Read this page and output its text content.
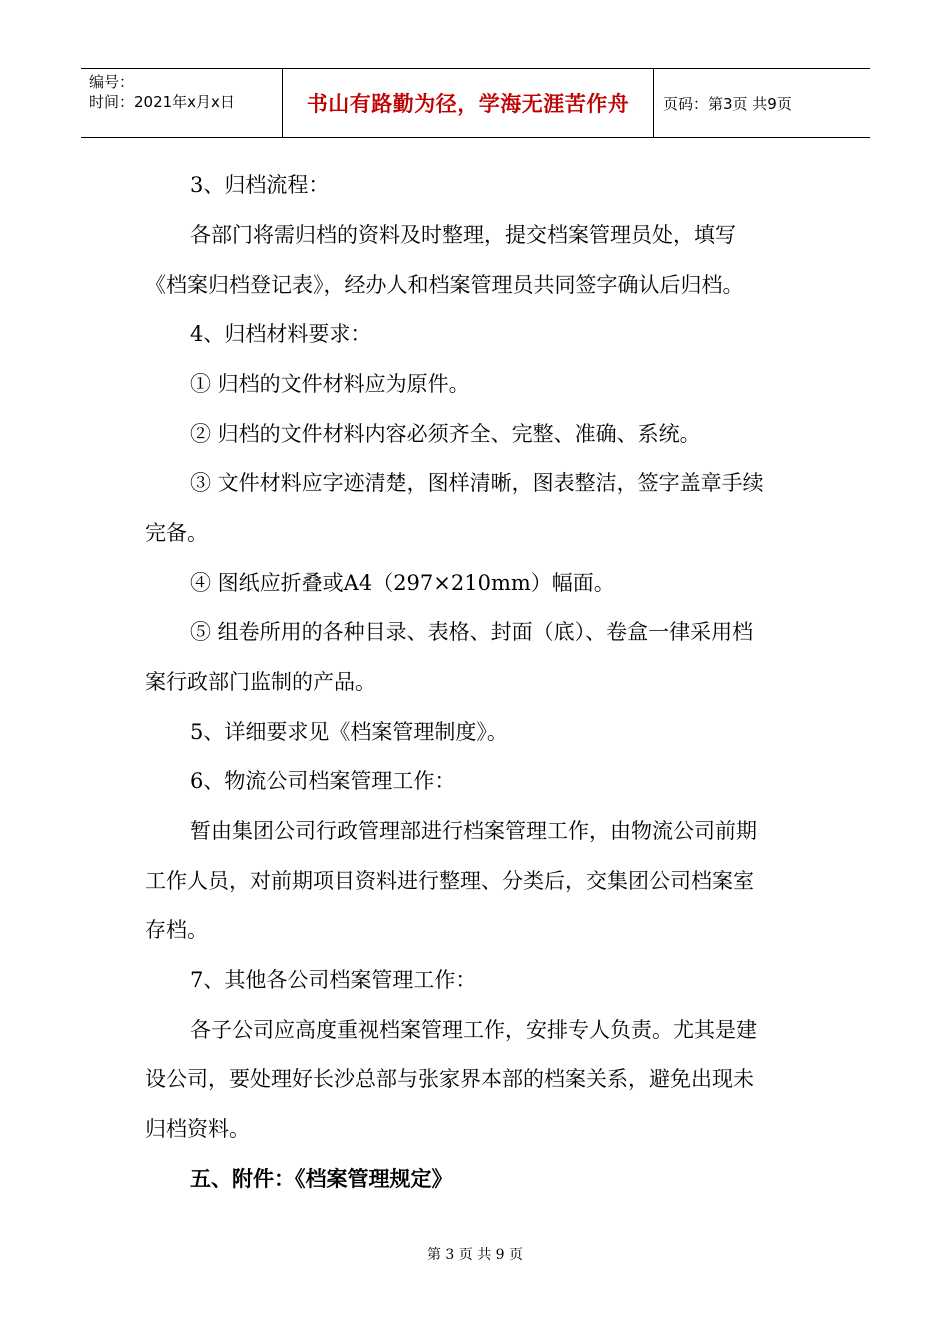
编号：
时间：2021年x月x日	书山有路勤为径，学海无涯苦作舟 页码：第3页 共9页
3、归档流程：
各部门将需归档的资料及时整理，提交档案管理员处，填写
《档案归档登记表》，经办人和档案管理员共同签字确认后归档。
4、归档材料要求：
① 归档的文件材料应为原件。
② 归档的文件材料内容必须齐全、完整、准确、系统。
③ 文件材料应字迹清楚，图样清晰，图表整洁，签字盖章手续
完备。
④ 图纸应折叠或A4（297×210mm）幅面。
⑤ 组卷所用的各种目录、表格、封面（底）、卷盒一律采用档
案行政部门监制的产品。
5、详细要求见《档案管理制度》。
6、物流公司档案管理工作：
暂由集团公司行政管理部进行档案管理工作，由物流公司前期
工作人员，对前期项目资料进行整理、分类后，交集团公司档案室
存档。
7、其他各公司档案管理工作：
各子公司应高度重视档案管理工作，安排专人负责。尤其是建
设公司，要处理好长沙总部与张家界本部的档案关系，避免出现未
归档资料。
五、附件：《档案管理规定》
第 3 页 共 9 页
